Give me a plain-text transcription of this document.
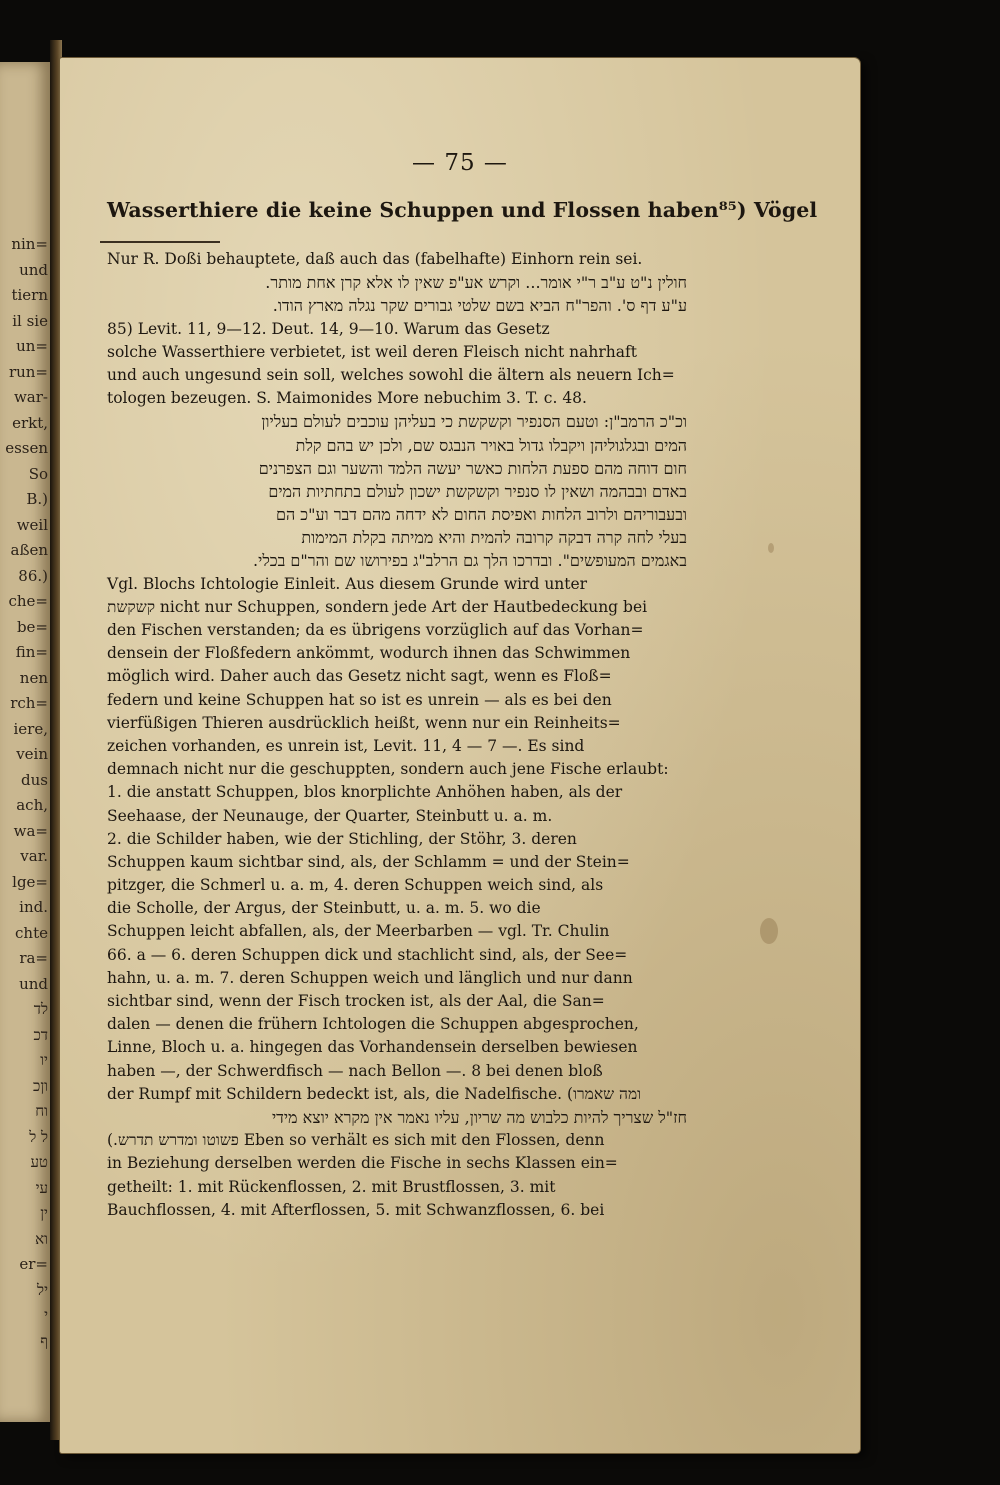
nin=
und
tiern
il sie
un=
run=
war-
erkt,
essen
So
B.)
weil
aßen
86.)
che=
be=
fin=
nen
rch=
iere,
vein
dus
ach,
wa=
var.
lge=
ind.
chte
ra=
und
לד
דכ
יו
וןכ
וח
ל ל
טע
עי
ין
וא
er=
יל
י
ף
— 75 —

Wasserthiere die keine Schuppen und Flossen haben⁸⁵) Vögel

Nur R. Doßi behauptete, daß auch das (fabelhafte) Einhorn rein sei.
חולין נ"ט ע"ב ר"י אומר... וקרש אע"פ שאין לו אלא קרן אחת מותר.
ע"ע דף ס'. והפר"ח הביא בשם שלטי גבורים שקר נגלה מארץ הודו.
85) Levit. 11, 9—12. Deut. 14, 9—10. Warum das Gesetz
solche Wasserthiere verbietet, ist weil deren Fleisch nicht nahrhaft
und auch ungesund sein soll, welches sowohl die ältern als neuern Ich=
tologen bezeugen. S. Maimonides More nebuchim 3. T. c. 48.
וכ"כ הרמב"ן: וטעם הסנפיר וקשקשת כי בעליהן עוכבים לעולם בעליון
המים ובגלגוליהן ויקבלו גדול באויר הנבגס שם, ולכן יש בהם קלת
חום דוחה מהם ספעת הלחות כאשר יעשה הלמד והשער וגם הצפרנים
באדם ובבהמה ושאין לו סנפיר וקשקשת ישכון לעולם בתחתיות המים
ובעבוריהם ולרוב הלחות ואפיסת החום לא ידחה מהם דבר וע"כ הם
בעלי לחה קרה דבקה קרובה להמית והיא ממיתה בקלת המימות
באגמים המעופשים". ובדרכו הלך גם הרלב"ג בפירושו שם והר"ם בכלי.
Vgl. Blochs Ichtologie Einleit. Aus diesem Grunde wird unter
קשקשת nicht nur Schuppen, sondern jede Art der Hautbedeckung bei
den Fischen verstanden; da es übrigens vorzüglich auf das Vorhan=
densein der Floßfedern ankömmt, wodurch ihnen das Schwimmen
möglich wird. Daher auch das Gesetz nicht sagt, wenn es Floß=
federn und keine Schuppen hat so ist es unrein — als es bei den
vierfüßigen Thieren ausdrücklich heißt, wenn nur ein Reinheits=
zeichen vorhanden, es unrein ist, Levit. 11, 4 — 7 —. Es sind
demnach nicht nur die geschuppten, sondern auch jene Fische erlaubt:
1. die anstatt Schuppen, blos knorplichte Anhöhen haben, als der
Seehaase, der Neunauge, der Quarter, Steinbutt u. a. m.
2. die Schilder haben, wie der Stichling, der Stöhr, 3. deren
Schuppen kaum sichtbar sind, als, der Schlamm = und der Stein=
pitzger, die Schmerl u. a. m, 4. deren Schuppen weich sind, als
die Scholle, der Argus, der Steinbutt, u. a. m. 5. wo die
Schuppen leicht abfallen, als, der Meerbarben — vgl. Tr. Chulin
66. a — 6. deren Schuppen dick und stachlicht sind, als, der See=
hahn, u. a. m. 7. deren Schuppen weich und länglich und nur dann
sichtbar sind, wenn der Fisch trocken ist, als der Aal, die San=
dalen — denen die frühern Ichtologen die Schuppen abgesprochen,
Linne, Bloch u. a. hingegen das Vorhandensein derselben bewiesen
haben —, der Schwerdfisch — nach Bellon —. 8 bei denen bloß
der Rumpf mit Schildern bedeckt ist, als, die Nadelfische. (ומה שאמרו
חז"ל שצריך להיות כלבוש מה שריון, עליו נאמר אין מקרא יוצא מידי
(.פשוטו ומדרש תדרש Eben so verhält es sich mit den Flossen, denn
in Beziehung derselben werden die Fische in sechs Klassen ein=
getheilt: 1. mit Rückenflossen, 2. mit Brustflossen, 3. mit
Bauchflossen, 4. mit Afterflossen, 5. mit Schwanzflossen, 6. bei
